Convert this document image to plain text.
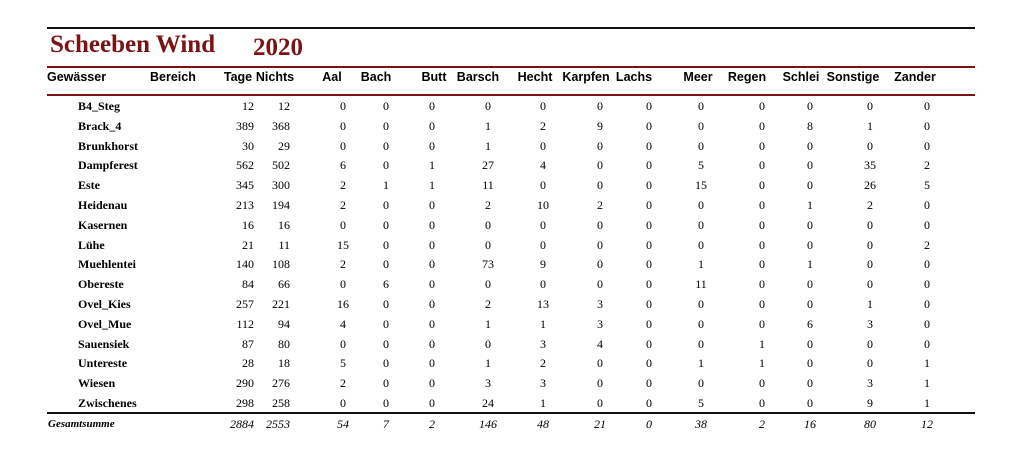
Scheeben Wind 2020
Gewässer	Bereich Tage Nichts Aal Bach Butt Barsch Hecht Karpfen Lachs	Meer Regen Schlei Sonstige Zander
B4_Steg	12 12	0	0	0	0	0	0	0	0	0	0	0	0
Brack_4	389 368	0	0	0	1	2	9	0	0	0	8	1	0
Brunkhorst	30 29	0	0	0	1	0	0	0	0	0	0	0	0
Dampferest	562 502	6	0	1	27	4	0	0	5	0	0	35	2
Este	345 300	2	1	1	11	0	0	0	15	0	0	26	5
Heidenau	213 194	2	0	0	2	10	2	0	0	0	1	2	0
Kasernen	16 16	0	0	0	0	0	0	0	0	0	0	0	0
Lühe	21 11	15	0	0	0	0	0	0	0	0	0	0	2
Muehlentei	140 108	2	0	0	73	9	0	0	1	0	1	0	0
Obereste	84 66	0	6	0	0	0	0	0	11	0	0	0	0
Ovel_Kies	257 221	16	0	0	2	13	3	0	0	0	0	1	0
Ovel_Mue	112 94	4	0	0	1	1	3	0	0	0	6	3	0
Sauensiek	87 80	0	0	0	0	3	4	0	0	1	0	0	0
Untereste	28 18	5	0	0	1	2	0	0	1	1	0	0	1
Wiesen	290 276	2	0	0	3	3	0	0	0	0	0	3	1
Zwischenes	298 258	0	0	0	24	1	0	0	5	0	0	9	1
Gesamtsumme	2884 2553	54	7	2	146	48	21	0	38	2	16	80	12
